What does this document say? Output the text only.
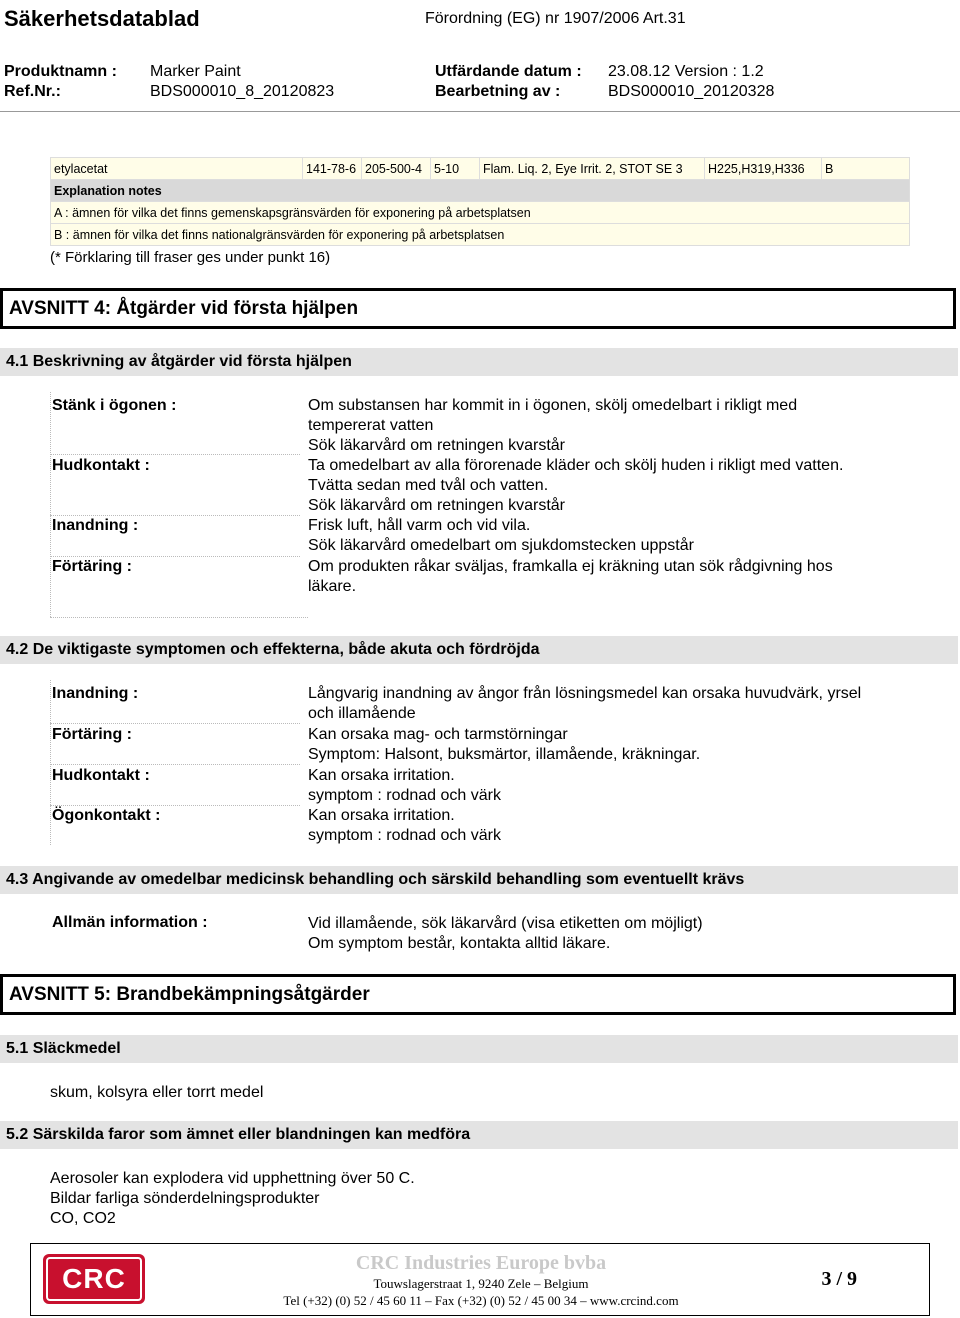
Säkerhetsdatablad	Förordning (EG) nr 1907/2006 Art.31
Produktnamn : Marker Paint
Ref.Nr.:	BDS000010_8_20120823
Utfärdande datum : 23.08.12 Version : 1.2
Bearbetning av :	BDS000010_20120328
etylacetat	141-78-6	205-500-4	5-10	Flam. Liq. 2, Eye Irrit. 2, STOT SE 3	H225,H319,H336	B
Explanation notes
A : ämnen för vilka det finns gemenskapsgränsvärden för exponering på arbetsplatsen
B : ämnen för vilka det finns nationalgränsvärden för exponering på arbetsplatsen
(* Förklaring till fraser ges under punkt 16)
AVSNITT 4: Åtgärder vid första hjälpen
4.1 Beskrivning av åtgärder vid första hjälpen
Stänk i ögonen :	Om substansen har kommit in i ögonen, skölj omedelbart i rikligt med
tempererat vatten
Sök läkarvård om retningen kvarstår
Hudkontakt :	Ta omedelbart av alla förorenade kläder och skölj huden i rikligt med vatten.
Tvätta sedan med tvål och vatten.
Sök läkarvård om retningen kvarstår
Inandning :	Frisk luft, håll varm och vid vila.
Sök läkarvård omedelbart om sjukdomstecken uppstår
Förtäring :	Om produkten råkar sväljas, framkalla ej kräkning utan sök rådgivning hos
läkare.
4.2 De viktigaste symptomen och effekterna, både akuta och fördröjda
Inandning :	Långvarig inandning av ångor från lösningsmedel kan orsaka huvudvärk, yrsel
och illamående
Förtäring :	Kan orsaka mag- och tarmstörningar
Symptom: Halsont, buksmärtor, illamående, kräkningar.
Hudkontakt :	Kan orsaka irritation.
symptom : rodnad och värk
Ögonkontakt :	Kan orsaka irritation.
symptom : rodnad och värk
4.3 Angivande av omedelbar medicinsk behandling och särskild behandling som eventuellt krävs
Allmän information :	Vid illamående, sök läkarvård (visa etiketten om möjligt)
Om symptom består, kontakta alltid läkare.
AVSNITT 5: Brandbekämpningsåtgärder
5.1 Släckmedel
skum, kolsyra eller torrt medel
5.2 Särskilda faror som ämnet eller blandningen kan medföra
Aerosoler kan explodera vid upphettning över 50 C.
Bildar farliga sönderdelningsprodukter
CO, CO2
CRC	CRC Industries Europe bvba
Touwslagerstraat 1, 9240 Zele – Belgium
Tel (+32) (0) 52 / 45 60 11 – Fax (+32) (0) 52 / 45 00 34 – www.crcind.com
3 / 9
